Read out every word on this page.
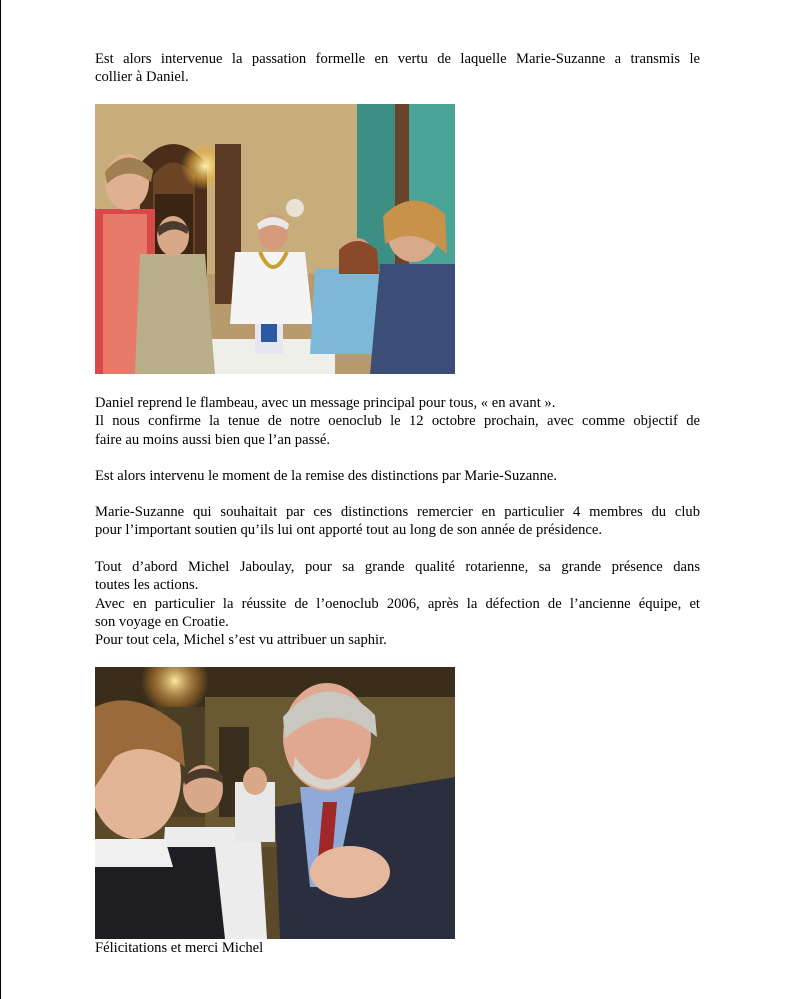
Est alors intervenue la passation formelle en vertu de laquelle Marie-Suzanne a transmis le
collier à Daniel.

Daniel reprend le flambeau, avec un message principal pour tous, « en avant ».
Il nous confirme la tenue de notre oenoclub le 12 octobre prochain, avec comme objectif de
faire au moins aussi bien que l’an passé.

Est alors intervenu le moment de la remise des distinctions par Marie-Suzanne.

Marie-Suzanne qui souhaitait par ces distinctions remercier en particulier 4 membres du club
pour l’important soutien qu’ils lui ont apporté tout au long de son année de présidence.

Tout d’abord Michel Jaboulay, pour sa grande qualité rotarienne, sa grande présence dans
toutes les actions.
Avec en particulier la réussite de l’oenoclub 2006, après la défection de l’ancienne équipe, et
son voyage en Croatie.
Pour tout cela, Michel s’est vu attribuer un saphir.

Félicitations et merci Michel
